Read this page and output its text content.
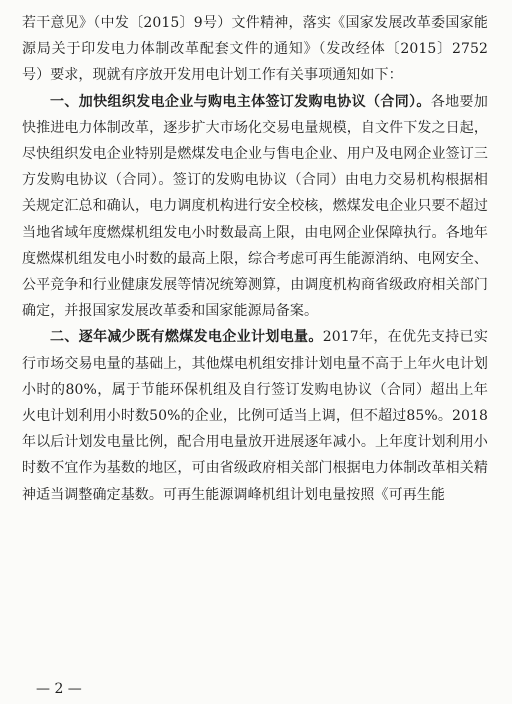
若干意见》（中发〔2015〕9号）文件精神，落实《国家发展改革委国家能源局关于印发电力体制改革配套文件的通知》（发改经体〔2015〕2752号）要求，现就有序放开发用电计划工作有关事项通知如下：

一、加快组织发电企业与购电主体签订发购电协议（合同）。各地要加快推进电力体制改革，逐步扩大市场化交易电量规模，自文件下发之日起，尽快组织发电企业特别是燃煤发电企业与售电企业、用户及电网企业签订三方发购电协议（合同）。签订的发购电协议（合同）由电力交易机构根据相关规定汇总和确认，电力调度机构进行安全校核，燃煤发电企业只要不超过当地省域年度燃煤机组发电小时数最高上限，由电网企业保障执行。各地年度燃煤机组发电小时数的最高上限，综合考虑可再生能源消纳、电网安全、公平竞争和行业健康发展等情况统筹测算，由调度机构商省级政府相关部门确定，并报国家发展改革委和国家能源局备案。

二、逐年减少既有燃煤发电企业计划电量。2017年，在优先支持已实行市场交易电量的基础上，其他煤电机组安排计划电量不高于上年火电计划小时的80%，属于节能环保机组及自行签订发购电协议（合同）超出上年火电计划利用小时数50%的企业，比例可适当上调，但不超过85%。2018年以后计划发电量比例，配合用电量放开进展逐年减小。上年度计划利用小时数不宜作为基数的地区，可由省级政府相关部门根据电力体制改革相关精神适当调整确定基数。可再生能源调峰机组计划电量按照《可再生能

— 2 —
